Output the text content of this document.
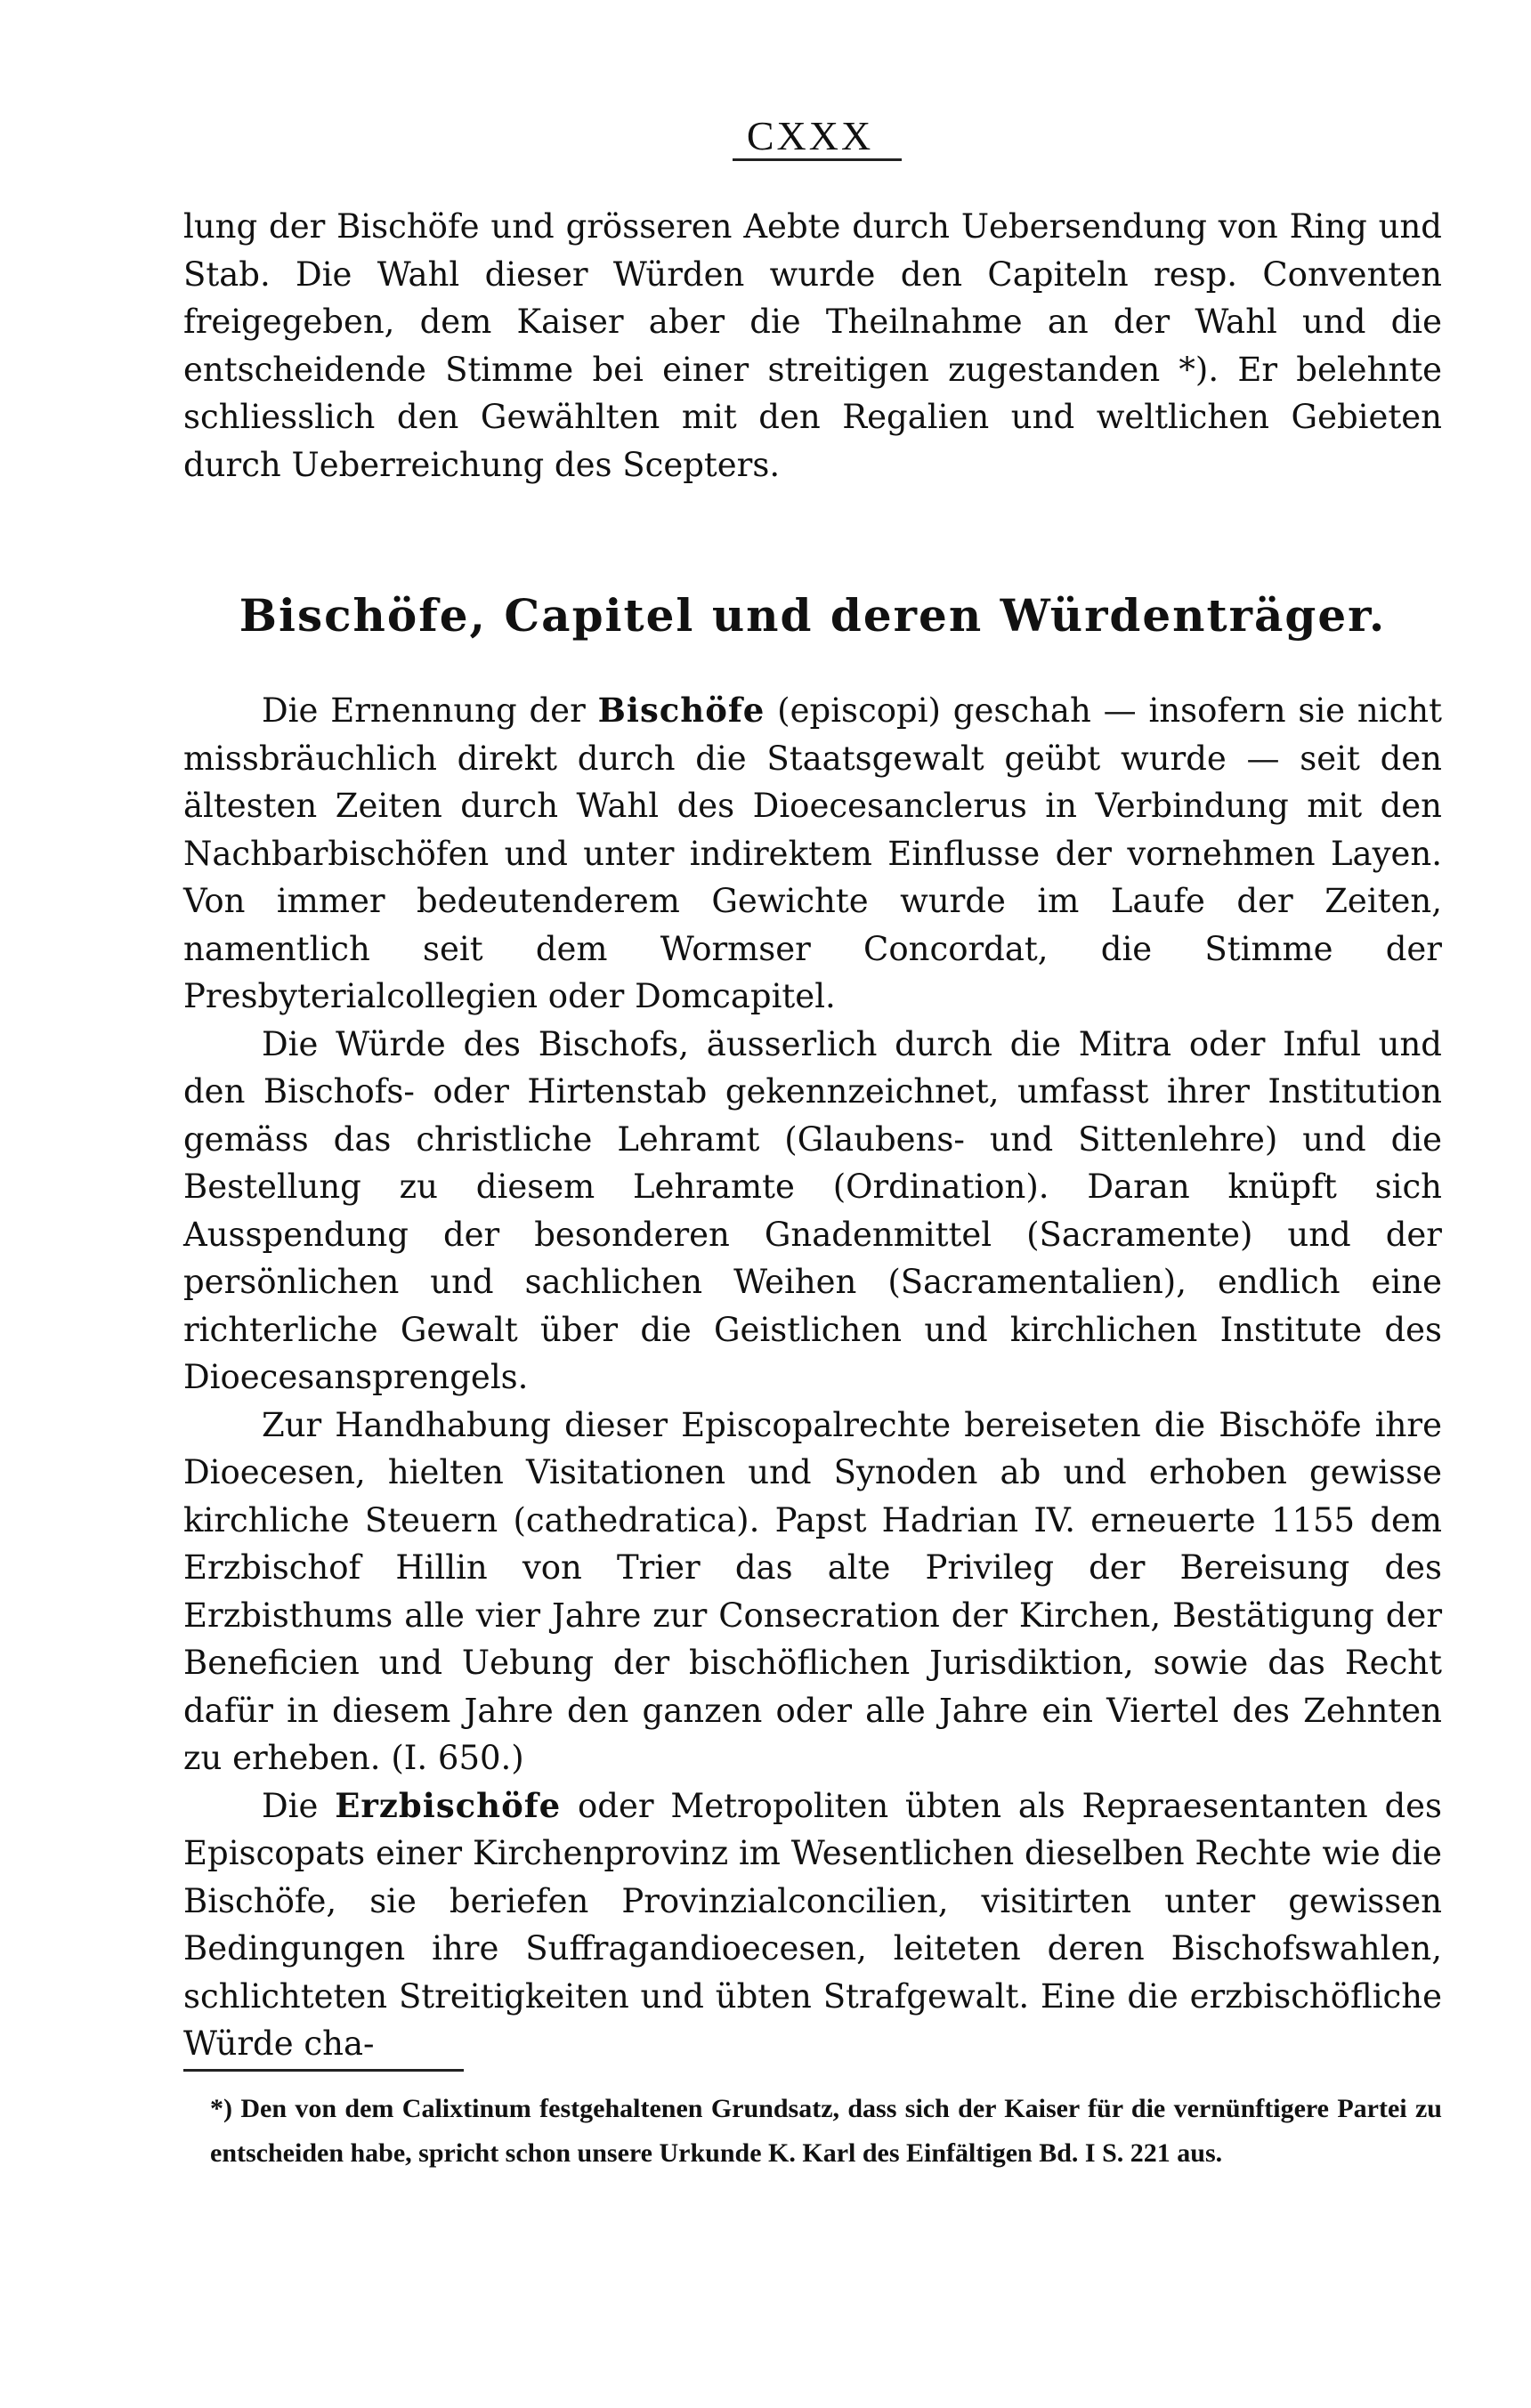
CXXX

lung der Bischöfe und grösseren Aebte durch Uebersendung von Ring und Stab. Die Wahl dieser Würden wurde den Capiteln resp. Conventen freigegeben, dem Kaiser aber die Theilnahme an der Wahl und die entscheidende Stimme bei einer streitigen zugestanden *). Er belehnte schliesslich den Gewählten mit den Regalien und weltlichen Gebieten durch Ueberreichung des Scepters.

Bischöfe, Capitel und deren Würdenträger.

Die Ernennung der Bischöfe (episcopi) geschah — insofern sie nicht missbräuchlich direkt durch die Staatsgewalt geübt wurde — seit den ältesten Zeiten durch Wahl des Dioecesanclerus in Verbindung mit den Nachbarbischöfen und unter indirektem Einflusse der vornehmen Layen. Von immer bedeutenderem Gewichte wurde im Laufe der Zeiten, namentlich seit dem Wormser Concordat, die Stimme der Presbyterialcollegien oder Domcapitel.

Die Würde des Bischofs, äusserlich durch die Mitra oder Inful und den Bischofs- oder Hirtenstab gekennzeichnet, umfasst ihrer Institution gemäss das christliche Lehramt (Glaubens- und Sittenlehre) und die Bestellung zu diesem Lehramte (Ordination). Daran knüpft sich Ausspendung der besonderen Gnadenmittel (Sacramente) und der persönlichen und sachlichen Weihen (Sacramentalien), endlich eine richterliche Gewalt über die Geistlichen und kirchlichen Institute des Dioecesansprengels.

Zur Handhabung dieser Episcopalrechte bereiseten die Bischöfe ihre Dioecesen, hielten Visitationen und Synoden ab und erhoben gewisse kirchliche Steuern (cathedratica). Papst Hadrian IV. erneuerte 1155 dem Erzbischof Hillin von Trier das alte Privileg der Bereisung des Erzbisthums alle vier Jahre zur Consecration der Kirchen, Bestätigung der Beneficien und Uebung der bischöflichen Jurisdiktion, sowie das Recht dafür in diesem Jahre den ganzen oder alle Jahre ein Viertel des Zehnten zu erheben. (I. 650.)

Die Erzbischöfe oder Metropoliten übten als Repraesentanten des Episcopats einer Kirchenprovinz im Wesentlichen dieselben Rechte wie die Bischöfe, sie beriefen Provinzialconcilien, visitirten unter gewissen Bedingungen ihre Suffragandioecesen, leiteten deren Bischofswahlen, schlichteten Streitigkeiten und übten Strafgewalt. Eine die erzbischöfliche Würde cha-

*) Den von dem Calixtinum festgehaltenen Grundsatz, dass sich der Kaiser für die vernünftigere Partei zu entscheiden habe, spricht schon unsere Urkunde K. Karl des Einfältigen Bd. I S. 221 aus.
